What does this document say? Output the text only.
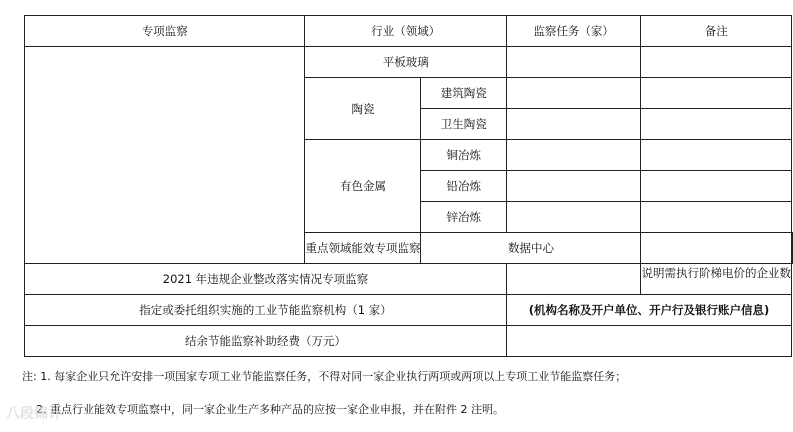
专项监察	行业（领域）		监察任务（家）	备注	
	平板玻璃				
	陶瓷	建筑陶瓷			
		卫生陶瓷			
	有色金属	铜冶炼			
		铅冶炼			
		锌冶炼			
	重点领域能效专项监察	数据中心			
2021 年违规企业整改落实情况专项监察				说明需执行阶梯电价的企业数	

指定或委托组织实施的工业节能监察机构（1 家）			(机构名称及开户单位、开户行及银行账户信息)		
结余节能监察补助经费（万元）					
注: 1. 每家企业只允许安排一项国家专项工业节能监察任务，不得对同一家企业执行两项或两项以上专项工业节能监察任务；
2. 重点行业能效专项监察中，同一家企业生产多种产品的应按一家企业申报，并在附件 2 注明。
八段锦计
